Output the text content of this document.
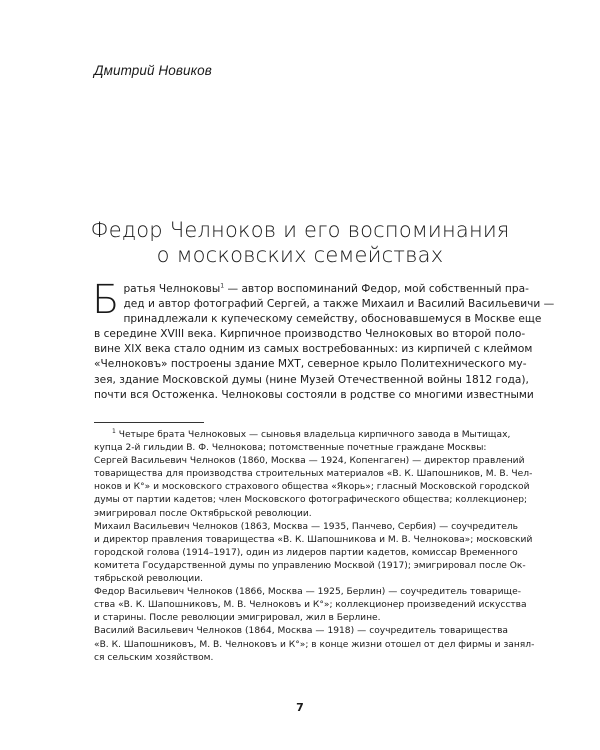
Дмитрий Новиков
Федор Челноков и его воспоминания
о московских семействах
Б ратья Челноковы$^1$ — автор воспоминаний Федор, мой собственный пра-
дед и автор фотографий Сергей, а также Михаил и Василий Васильевичи —
принадлежали к купеческому семейству, обосновавшемуся в Москве еще
в середине XVIII века. Кирпичное производство Челноковых во второй поло-
вине XIX века стало одним из самых востребованных: из кирпичей с клеймом
«Челноковъ» построены здание МХТ, северное крыло Политехнического му-
зея, здание Московской думы (нине Музей Отечественной войны 1812 года),
почти вся Остоженка. Челноковы состояли в родстве со многими известными
$^1$ Четыре брата Челноковых — сыновья владельца кирпичного завода в Мытищах,
купца 2-й гильдии В. Ф. Челнокова; потомственные почетные граждане Москвы:
Сергей Васильевич Челноков (1860, Москва — 1924, Копенгаген) — директор правлений
товарищества для производства строительных материалов «В. К. Шапошников, М. В. Чел-
ноков и К°» и московского страхового общества «Якорь»; гласный Московской городской
думы от партии кадетов; член Московского фотографического общества; коллекционер;
эмигрировал после Октябрьской революции.
Михаил Васильевич Челноков (1863, Москва — 1935, Панчево, Сербия) — соучредитель
и директор правления товарищества «В. К. Шапошникова и М. В. Челнокова»; московский
городской голова (1914–1917), один из лидеров партии кадетов, комиссар Временного
комитета Государственной думы по управлению Москвой (1917); эмигрировал после Ок-
тябрьской революции.
Федор Васильевич Челноков (1866, Москва — 1925, Берлин) — соучредитель товарище-
ства «В. К. Шапошниковъ, М. В. Челноковъ и К°»; коллекционер произведений искусства
и старины. После революции эмигрировал, жил в Берлине.
Василий Васильевич Челноков (1864, Москва — 1918) — соучредитель товарищества
«В. К. Шапошниковъ, М. В. Челноковъ и К°»; в конце жизни отошел от дел фирмы и занял-
ся сельским хозяйством.
7
